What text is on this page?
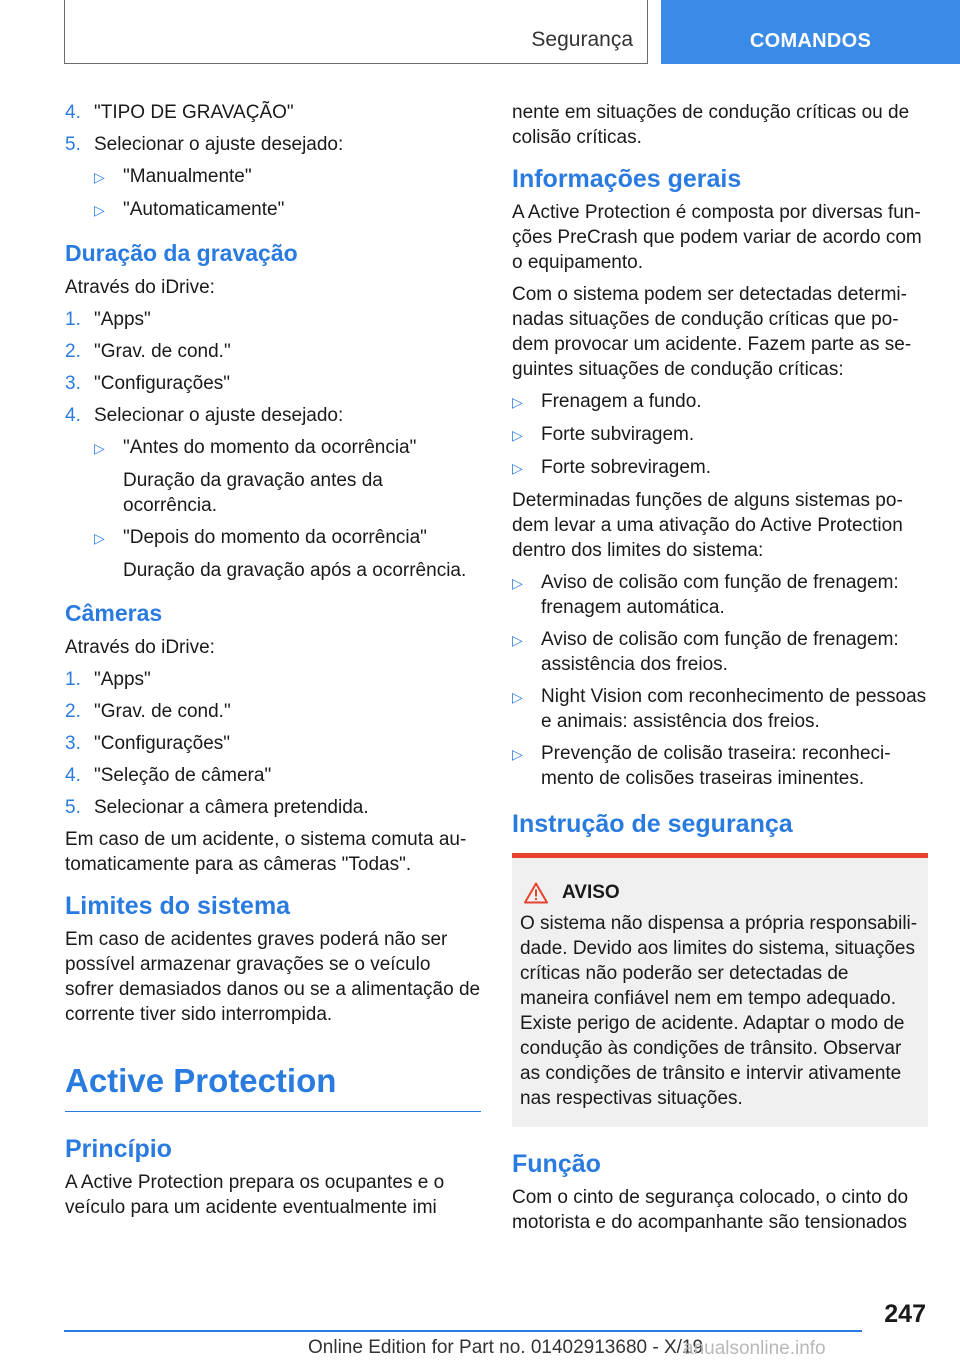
Segurança	COMANDOS
4. "TIPO DE GRAVAÇÃO"
5. Selecionar o ajuste desejado:
▷ "Manualmente"
▷ "Automaticamente"
Duração da gravação

Através do iDrive:

1. "Apps"
2. "Grav. de cond."
3. "Configurações"
4. Selecionar o ajuste desejado:
▷ "Antes do momento da ocorrência"
Duração da gravação antes da ocorrência.
▷ "Depois do momento da ocorrência"
Duração da gravação após a ocorrência.
Câmeras

Através do iDrive:

1. "Apps"
2. "Grav. de cond."
3. "Configurações"
4. "Seleção de câmera"
5. Selecionar a câmera pretendida.

Em caso de um acidente, o sistema comuta automaticamente para as câmeras "Todas".

Limites do sistema

Em caso de acidentes graves poderá não ser possível armazenar gravações se o veículo sofrer demasiados danos ou se a alimentação de corrente tiver sido interrompida.

Active Protection
Princípio

A Active Protection prepara os ocupantes e o veículo para um acidente eventualmente imi

nente em situações de condução críticas ou de colisão críticas.

Informações gerais

A Active Protection é composta por diversas funções PreCrash que podem variar de acordo com o equipamento.

Com o sistema podem ser detectadas determinadas situações de condução críticas que podem provocar um acidente. Fazem parte as seguintes situações de condução críticas:

▷ Frenagem a fundo.
▷ Forte subviragem.
▷ Forte sobreviragem.

Determinadas funções de alguns sistemas podem levar a uma ativação do Active Protection dentro dos limites do sistema:

▷ Aviso de colisão com função de frenagem: frenagem automática.
▷ Aviso de colisão com função de frenagem: assistência dos freios.
▷ Night Vision com reconhecimento de pessoas e animais: assistência dos freios.
▷ Prevenção de colisão traseira: reconhecimento de colisões traseiras iminentes.
Instrução de segurança
AVISO

O sistema não dispensa a própria responsabilidade. Devido aos limites do sistema, situações críticas não poderão ser detectadas de maneira confiável nem em tempo adequado. Existe perigo de acidente. Adaptar o modo de condução às condições de trânsito. Observar as condições de trânsito e intervir ativamente nas respectivas situações.

Função

Com o cinto de segurança colocado, o cinto do motorista e do acompanhante são tensionados

247
Online Edition for Part no. 01402913680 - X/19
anualsonline.info
